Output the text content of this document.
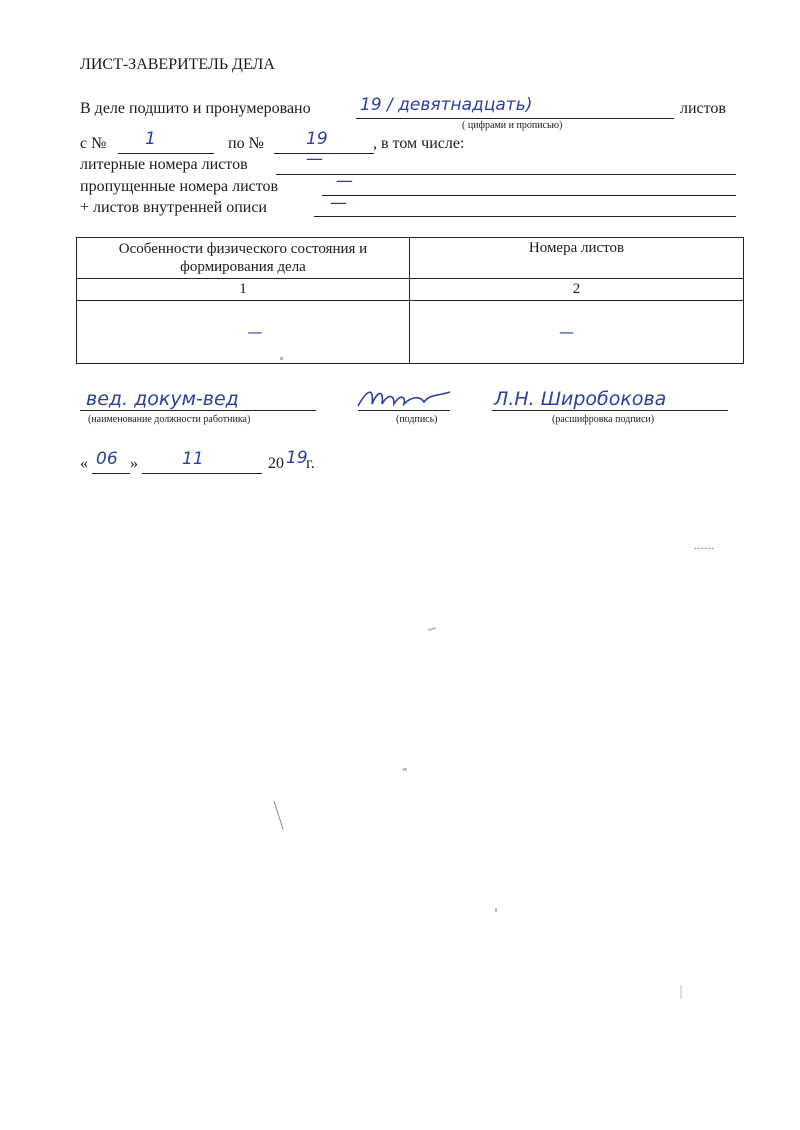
ЛИСТ-ЗАВЕРИТЕЛЬ ДЕЛА
В деле подшито и пронумеровано	19 / девятнадцать)	листов
( цифрами и прописью)
с № 1	по № 19	, в том числе:
литерные номера листов	—
пропущенные номера листов	—
+ листов внутренней описи	—
Особенности физического состояния и формирования дела	Номера листов
1	2
—	—
вед. докум-вед
(наименование должности работника)	(подпись)
Л.Н. Широбокова
(расшифровка подписи)
« 06 »	11	20 19
г.
......
